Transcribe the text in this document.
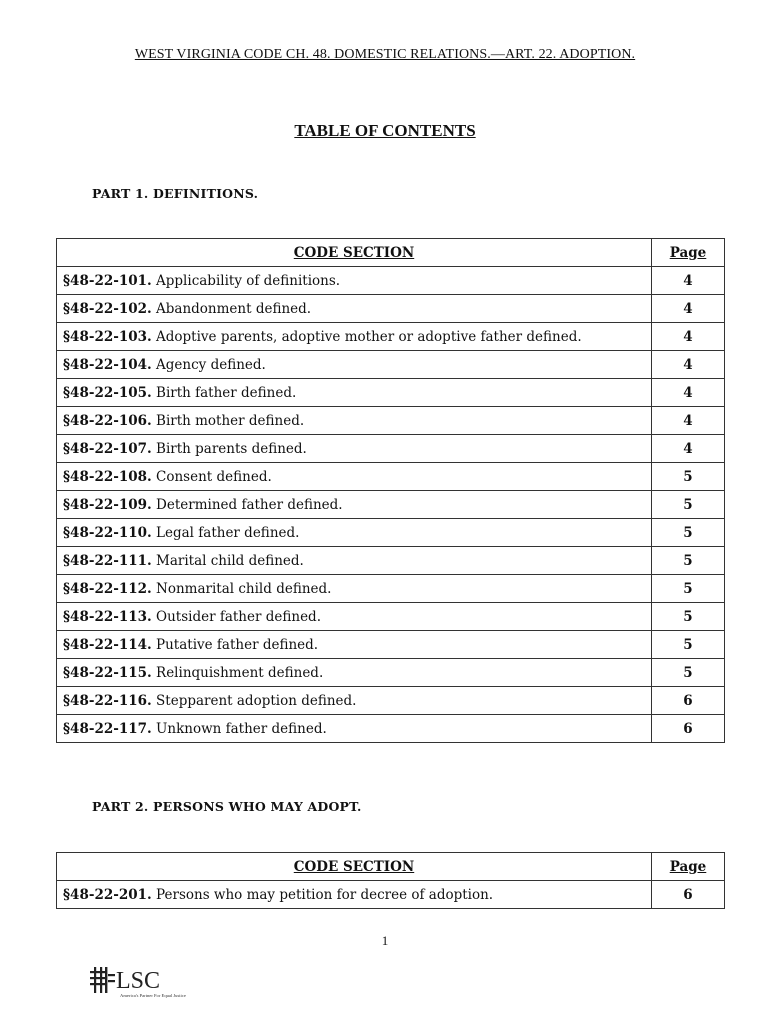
WEST VIRGINIA CODE CH. 48. DOMESTIC RELATIONS.—ART. 22. ADOPTION.
TABLE OF CONTENTS
PART 1. DEFINITIONS.
CODE SECTION	Page
§48-22-101. Applicability of definitions.	4
§48-22-102. Abandonment defined.	4
§48-22-103. Adoptive parents, adoptive mother or adoptive father defined.	4
§48-22-104. Agency defined.	4
§48-22-105. Birth father defined.	4
§48-22-106. Birth mother defined.	4
§48-22-107. Birth parents defined.	4
§48-22-108. Consent defined.	5
§48-22-109. Determined father defined.	5
§48-22-110. Legal father defined.	5
§48-22-111. Marital child defined.	5
§48-22-112. Nonmarital child defined.	5
§48-22-113. Outsider father defined.	5
§48-22-114. Putative father defined.	5
§48-22-115. Relinquishment defined.	5
§48-22-116. Stepparent adoption defined.	6
§48-22-117. Unknown father defined.	6
PART 2. PERSONS WHO MAY ADOPT.
CODE SECTION	Page
§48-22-201. Persons who may petition for decree of adoption.	6
1
LSC
America's Partner For Equal Justice
